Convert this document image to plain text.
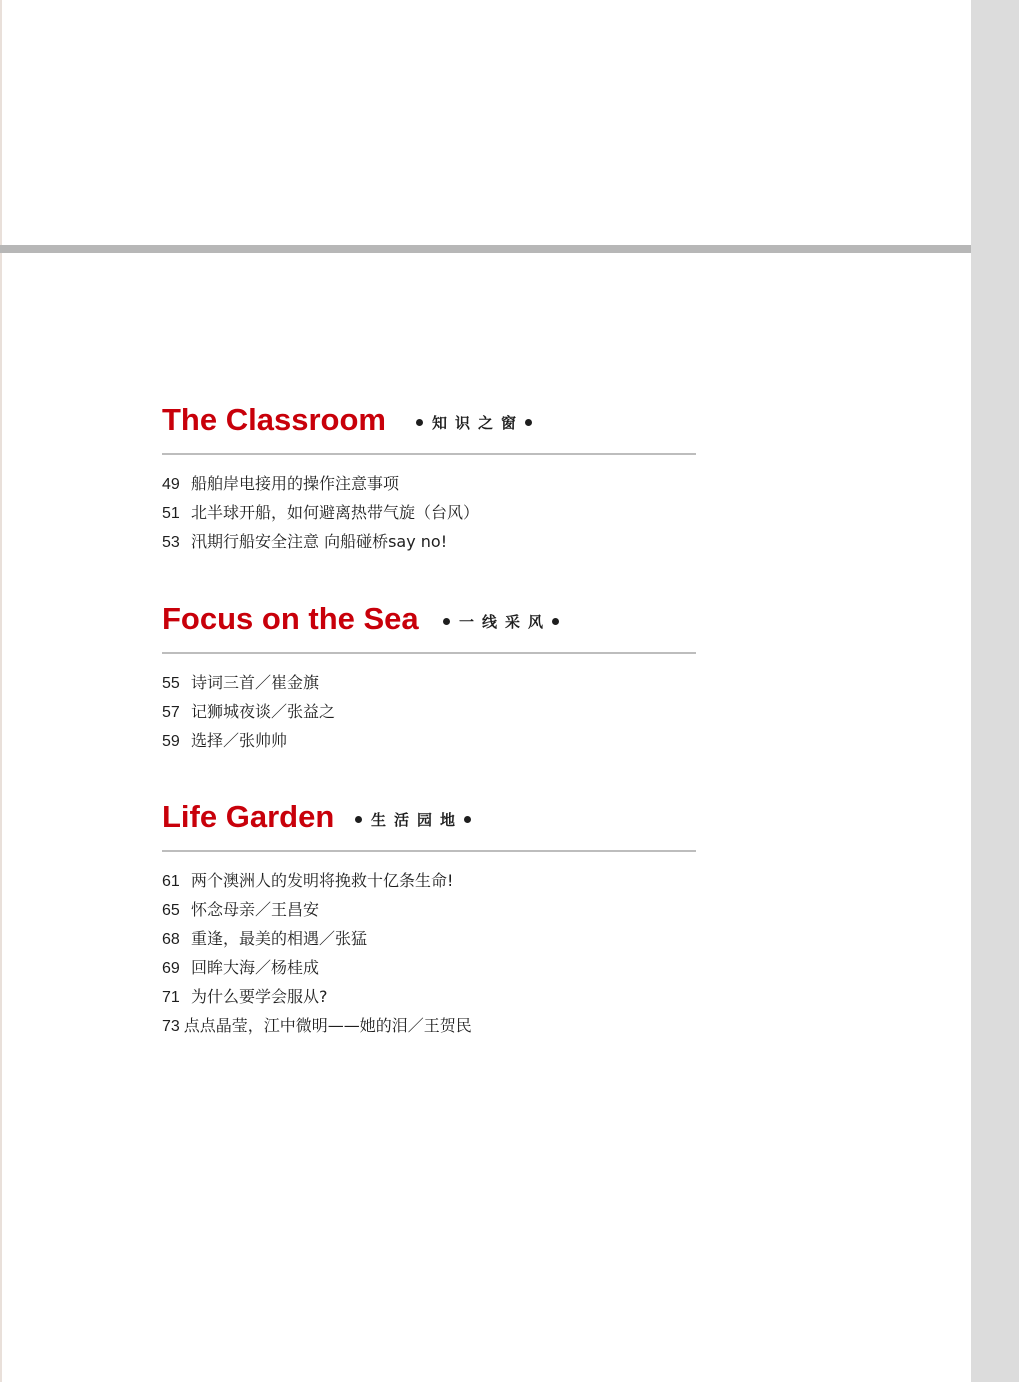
The Classroom	知识之窗
49 船舶岸电接用的操作注意事项
51 北半球开船，如何避离热带气旋（台风）
53 汛期行船安全注意 向船碰桥say no!
Focus on the Sea	一线采风
55 诗词三首／崔金旗
57 记狮城夜谈／张益之
59 选择／张帅帅
Life Garden	生活园地
61 两个澳洲人的发明将挽救十亿条生命!
65 怀念母亲／王昌安
68 重逢，最美的相遇／张猛
69 回眸大海／杨桂成
71 为什么要学会服从?
73 点点晶莹，江中微明——她的泪／王贺民
